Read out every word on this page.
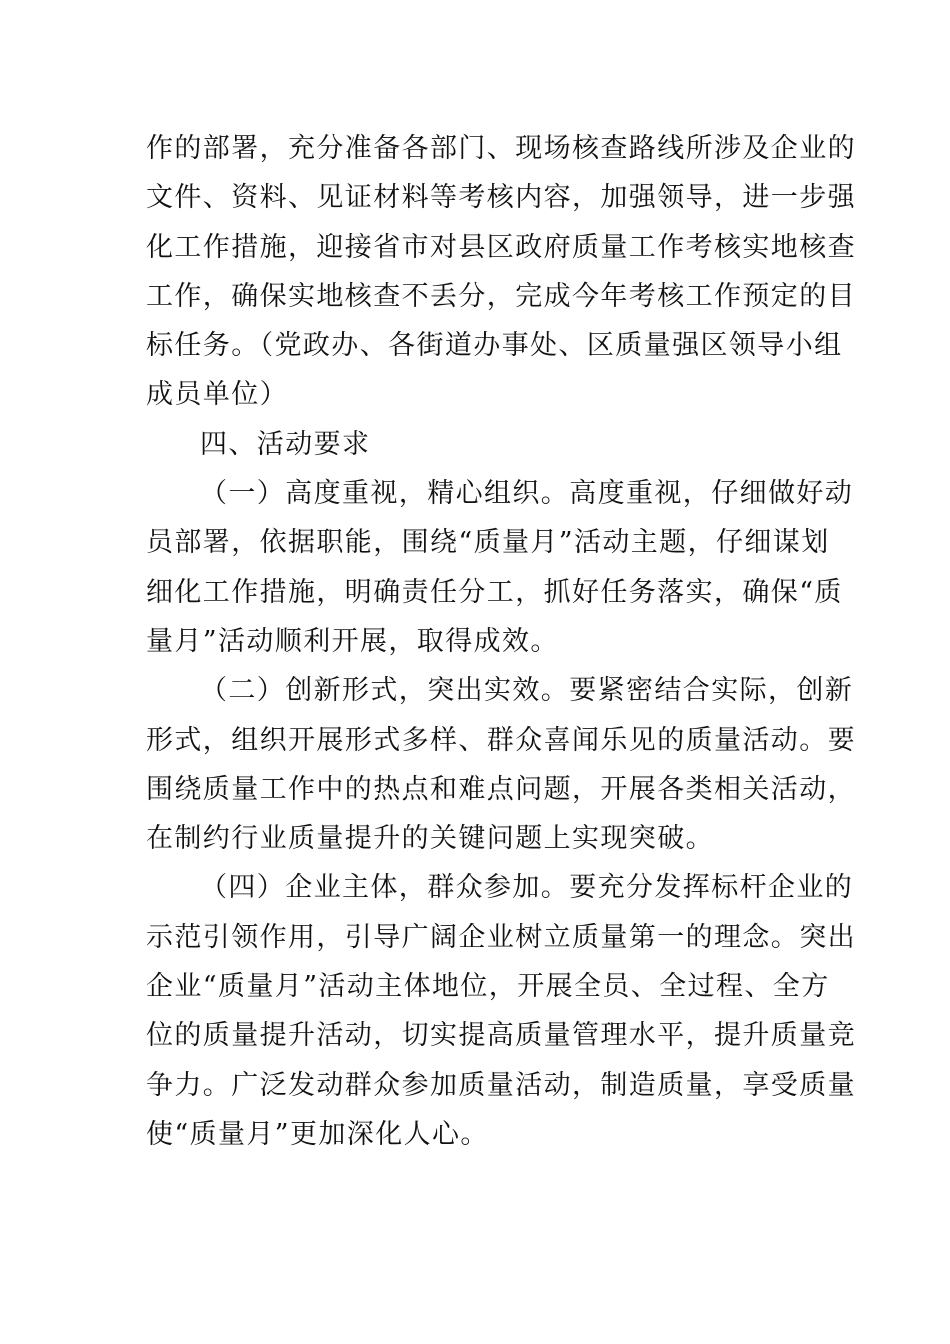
作的部署，充分准备各部门、现场核查路线所涉及企业的
文件、资料、见证材料等考核内容，加强领导，进一步强
化工作措施，迎接省市对县区政府质量工作考核实地核查
工作，确保实地核查不丢分，完成今年考核工作预定的目
标任务。（党政办、各街道办事处、区质量强区领导小组
成员单位）
四、活动要求
（一）高度重视，精心组织。高度重视，仔细做好动
员部署，依据职能，围绕“质量月”活动主题，仔细谋划
细化工作措施，明确责任分工，抓好任务落实，确保“质
量月”活动顺利开展，取得成效。
（二）创新形式，突出实效。要紧密结合实际，创新
形式，组织开展形式多样、群众喜闻乐见的质量活动。要
围绕质量工作中的热点和难点问题，开展各类相关活动，
在制约行业质量提升的关键问题上实现突破。
（四）企业主体，群众参加。要充分发挥标杆企业的
示范引领作用，引导广阔企业树立质量第一的理念。突出
企业“质量月”活动主体地位，开展全员、全过程、全方
位的质量提升活动，切实提高质量管理水平，提升质量竞
争力。广泛发动群众参加质量活动，制造质量，享受质量
使“质量月”更加深化人心。
